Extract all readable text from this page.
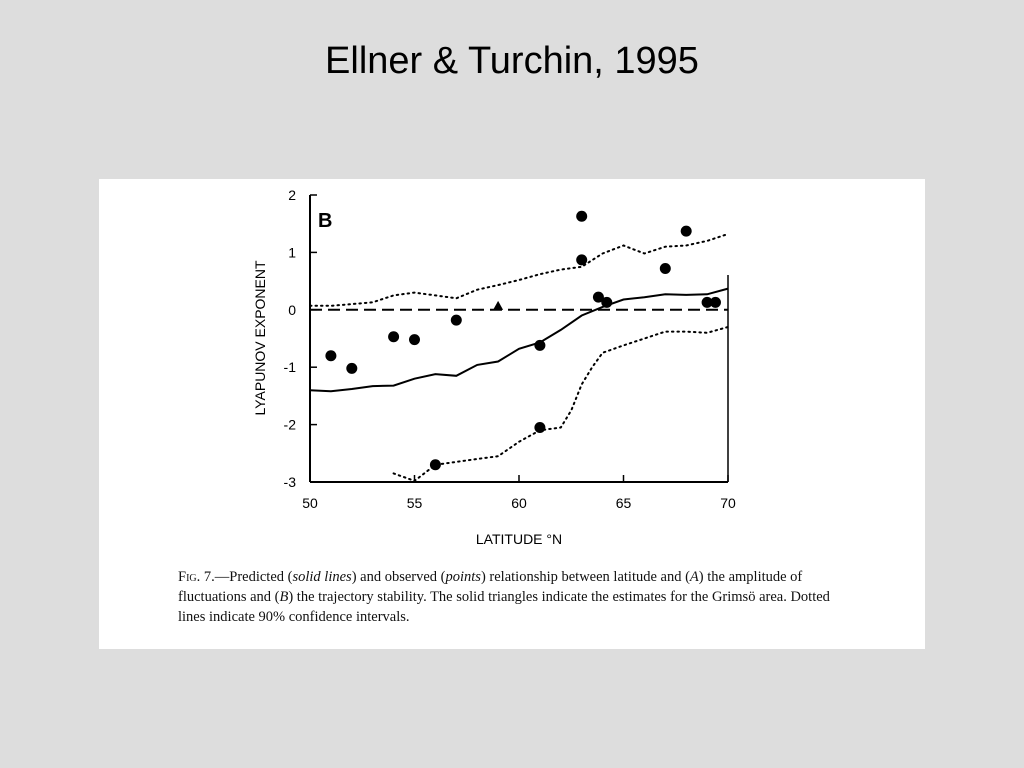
Ellner & Turchin, 1995
2
1
0
-1
-2
-3
50	55	60	65	70
B
LATITUDE °N
LYAPUNOV EXPONENT
Fig. 7.—Predicted (solid lines) and observed (points) relationship between latitude and (A) the amplitude of fluctuations and (B) the trajectory stability. The solid triangles indicate the estimates for the Grimsö area. Dotted lines indicate 90% confidence intervals.
